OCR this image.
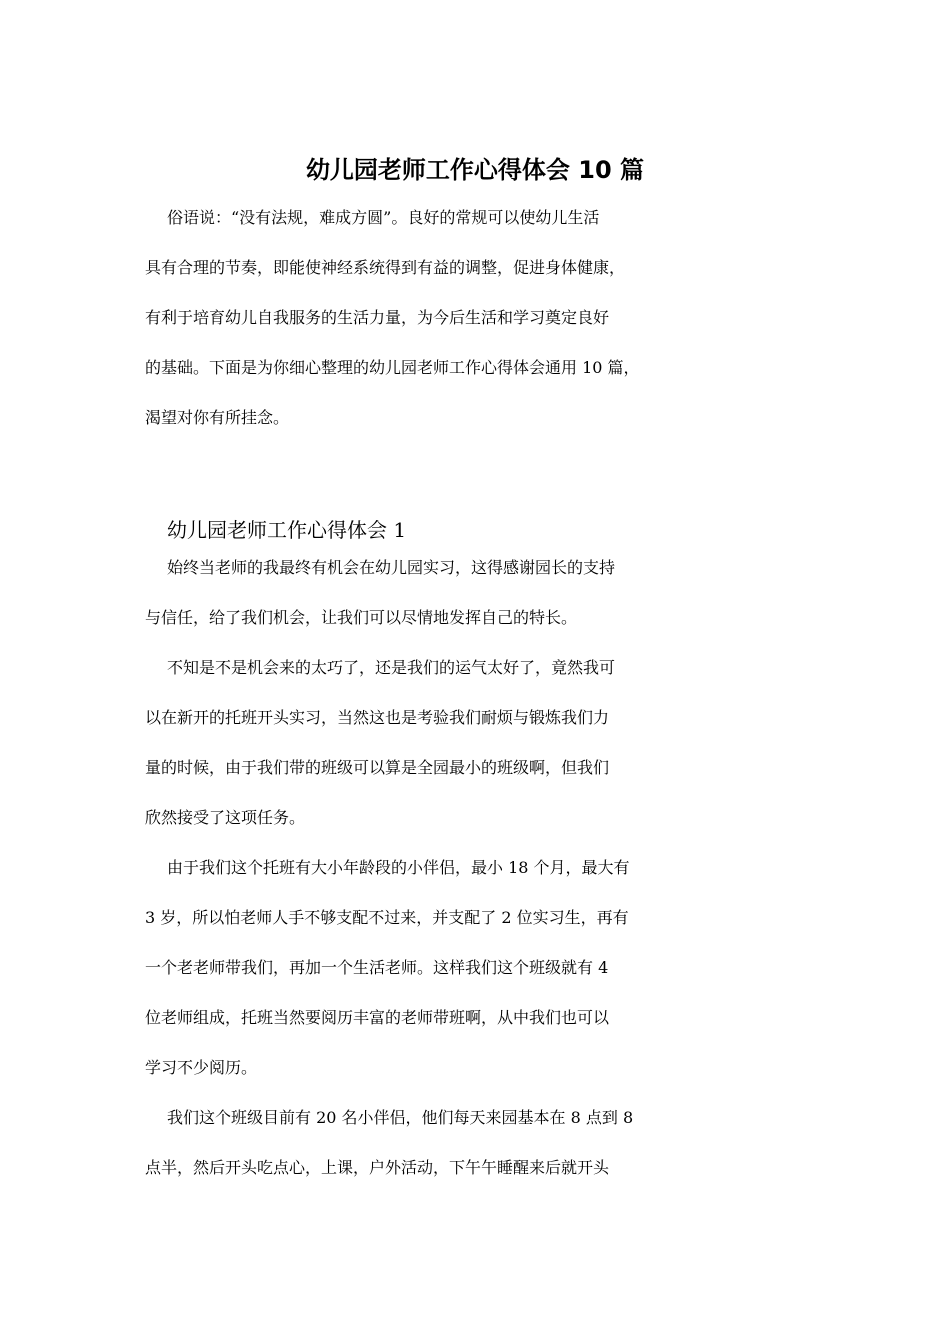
幼儿园老师工作心得体会 10 篇
俗语说：“没有法规，难成方圆”。良好的常规可以使幼儿生活
具有合理的节奏，即能使神经系统得到有益的调整，促进身体健康，
有利于培育幼儿自我服务的生活力量，为今后生活和学习奠定良好
的基础。下面是为你细心整理的幼儿园老师工作心得体会通用 10 篇，
渴望对你有所挂念。
幼儿园老师工作心得体会 1
始终当老师的我最终有机会在幼儿园实习，这得感谢园长的支持
与信任，给了我们机会，让我们可以尽情地发挥自己的特长。
不知是不是机会来的太巧了，还是我们的运气太好了，竟然我可
以在新开的托班开头实习，当然这也是考验我们耐烦与锻炼我们力
量的时候，由于我们带的班级可以算是全园最小的班级啊，但我们
欣然接受了这项任务。
由于我们这个托班有大小年龄段的小伴侣，最小 18 个月，最大有
3 岁，所以怕老师人手不够支配不过来，并支配了 2 位实习生，再有
一个老老师带我们，再加一个生活老师。这样我们这个班级就有 4
位老师组成，托班当然要阅历丰富的老师带班啊，从中我们也可以
学习不少阅历。
我们这个班级目前有 20 名小伴侣，他们每天来园基本在 8 点到 8
点半，然后开头吃点心，上课，户外活动，下午午睡醒来后就开头
